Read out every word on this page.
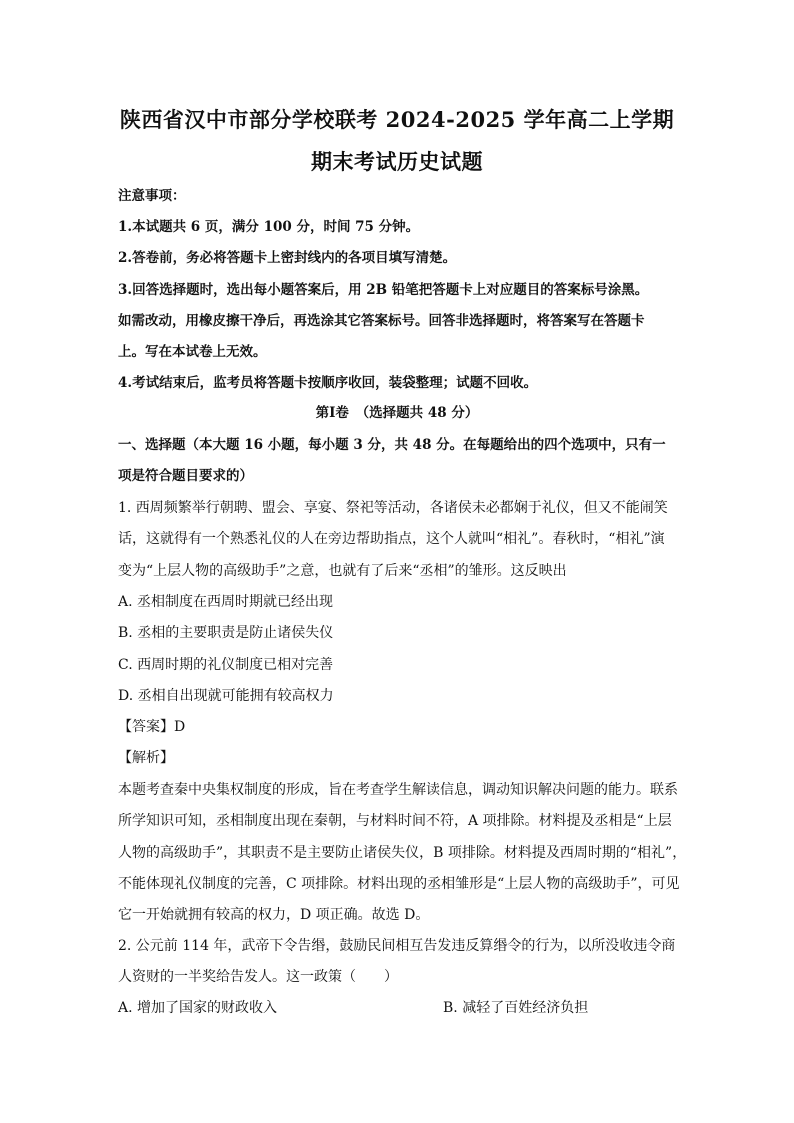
陕西省汉中市部分学校联考 2024-2025 学年高二上学期
期末考试历史试题
注意事项：
1.本试题共 6 页，满分 100 分，时间 75 分钟。
2.答卷前，务必将答题卡上密封线内的各项目填写清楚。
3.回答选择题时，选出每小题答案后，用 2B 铅笔把答题卡上对应题目的答案标号涂黑。
如需改动，用橡皮擦干净后，再选涂其它答案标号。回答非选择题时，将答案写在答题卡
上。写在本试卷上无效。
4.考试结束后，监考员将答题卡按顺序收回，装袋整理；试题不回收。
第Ⅰ卷　（选择题共 48 分）
一、选择题（本大题 16 小题，每小题 3 分，共 48 分。在每题给出的四个选项中，只有一
项是符合题目要求的）
1. 西周频繁举行朝聘、盟会、享宴、祭祀等活动，各诸侯未必都娴于礼仪，但又不能闹笑
话，这就得有一个熟悉礼仪的人在旁边帮助指点，这个人就叫“相礼”。春秋时，“相礼”演
变为“上层人物的高级助手”之意，也就有了后来“丞相”的雏形。这反映出
A. 丞相制度在西周时期就已经出现
B. 丞相的主要职责是防止诸侯失仪
C. 西周时期的礼仪制度已相对完善
D. 丞相自出现就可能拥有较高权力
【答案】D
【解析】
本题考查秦中央集权制度的形成，旨在考查学生解读信息，调动知识解决问题的能力。联系
所学知识可知，丞相制度出现在秦朝，与材料时间不符，A 项排除。材料提及丞相是“上层
人物的高级助手”，其职责不是主要防止诸侯失仪，B 项排除。材料提及西周时期的“相礼”，
不能体现礼仪制度的完善，C 项排除。材料出现的丞相雏形是“上层人物的高级助手”，可见
它一开始就拥有较高的权力，D 项正确。故选 D。
2. 公元前 114 年，武帝下令告缗，鼓励民间相互告发违反算缗令的行为，以所没收违令商
人资财的一半奖给告发人。这一政策（　　）
A. 增加了国家的财政收入	B. 减轻了百姓经济负担
